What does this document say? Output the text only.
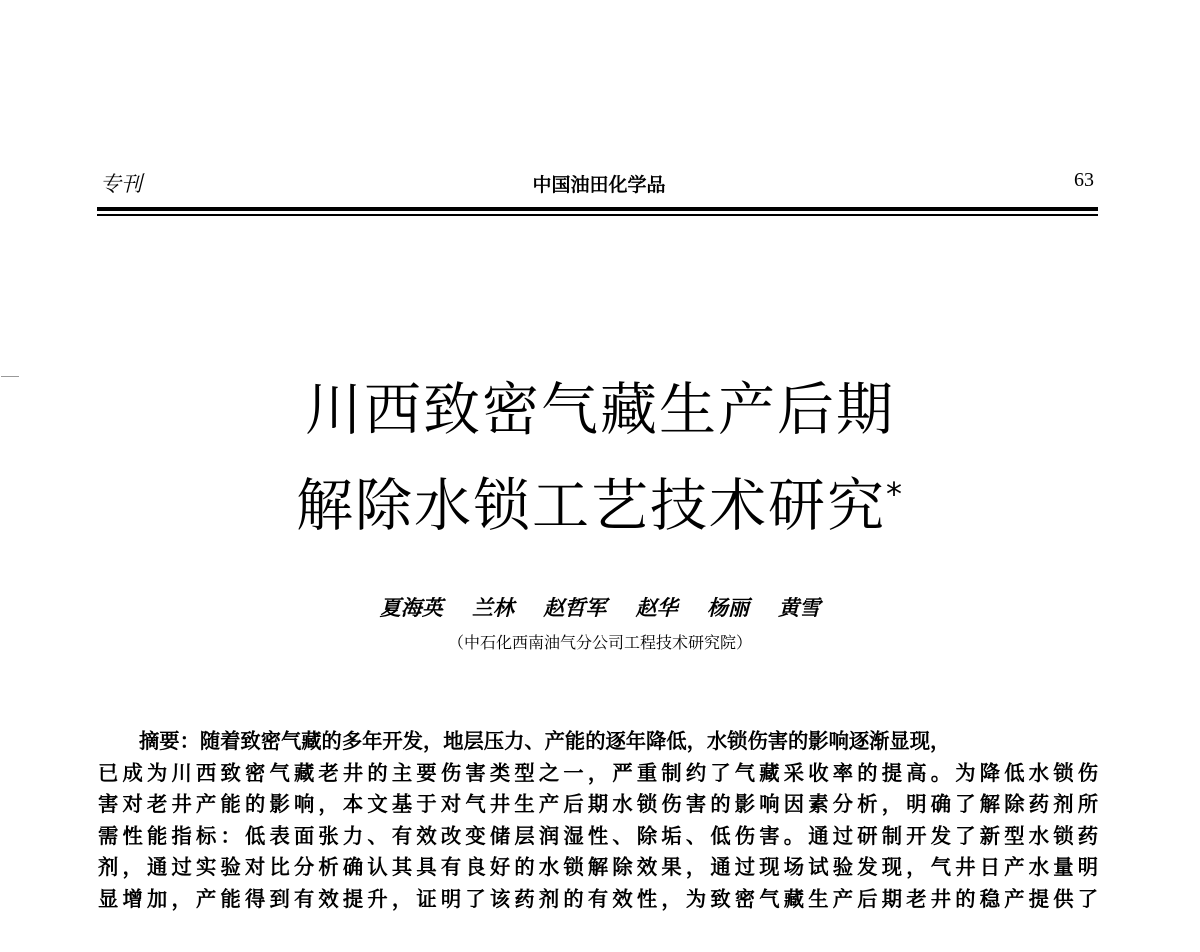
专刊	中国油田化学品	63
川西致密气藏生产后期
解除水锁工艺技术研究*
夏海英 兰林 赵哲军 赵华 杨丽 黄雪
（中石化西南油气分公司工程技术研究院）
摘要：随着致密气藏的多年开发，地层压力、产能的逐年降低，水锁伤害的影响逐渐显现，
已成为川西致密气藏老井的主要伤害类型之一，严重制约了气藏采收率的提高。为降低水锁伤
害对老井产能的影响，本文基于对气井生产后期水锁伤害的影响因素分析，明确了解除药剂所
需性能指标：低表面张力、有效改变储层润湿性、除垢、低伤害。通过研制开发了新型水锁药
剂，通过实验对比分析确认其具有良好的水锁解除效果，通过现场试验发现，气井日产水量明
显增加，产能得到有效提升，证明了该药剂的有效性，为致密气藏生产后期老井的稳产提供了
